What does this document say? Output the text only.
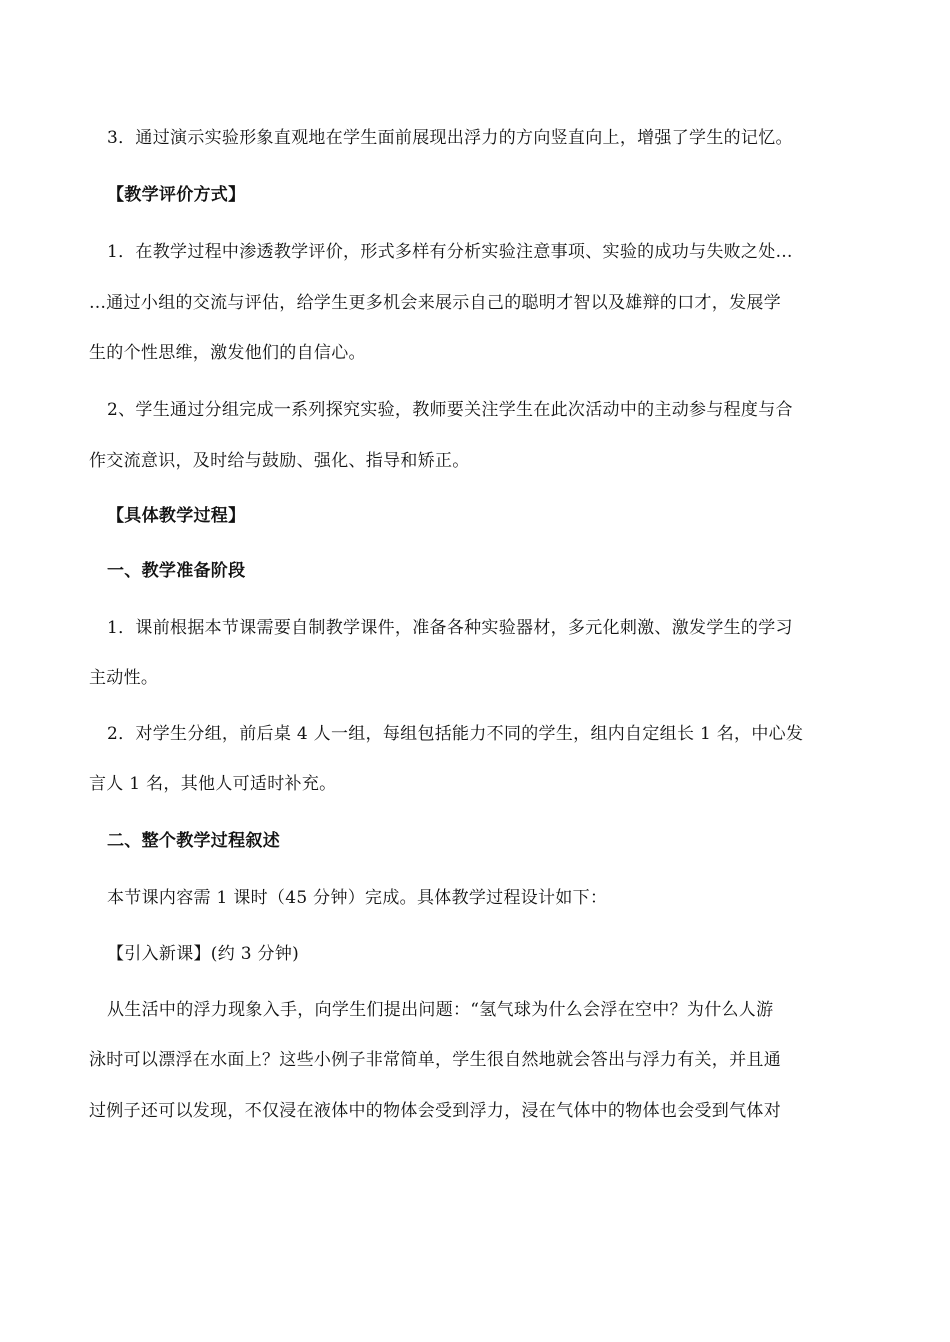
3．通过演示实验形象直观地在学生面前展现出浮力的方向竖直向上，增强了学生的记忆。
【教学评价方式】
1．在教学过程中渗透教学评价，形式多样有分析实验注意事项、实验的成功与失败之处…
…通过小组的交流与评估，给学生更多机会来展示自己的聪明才智以及雄辩的口才，发展学
生的个性思维，激发他们的自信心。
2、学生通过分组完成一系列探究实验，教师要关注学生在此次活动中的主动参与程度与合
作交流意识，及时给与鼓励、强化、指导和矫正。
【具体教学过程】
一、教学准备阶段
1．课前根据本节课需要自制教学课件，准备各种实验器材，多元化刺激、激发学生的学习
主动性。
2．对学生分组，前后桌 4 人一组，每组包括能力不同的学生，组内自定组长 1 名，中心发
言人 1 名，其他人可适时补充。
二、整个教学过程叙述
本节课内容需 1 课时（45 分钟）完成。具体教学过程设计如下：
【引入新课】(约 3 分钟)
从生活中的浮力现象入手，向学生们提出问题：“氢气球为什么会浮在空中？为什么人游
泳时可以漂浮在水面上？这些小例子非常简单，学生很自然地就会答出与浮力有关，并且通
过例子还可以发现，不仅浸在液体中的物体会受到浮力，浸在气体中的物体也会受到气体对
